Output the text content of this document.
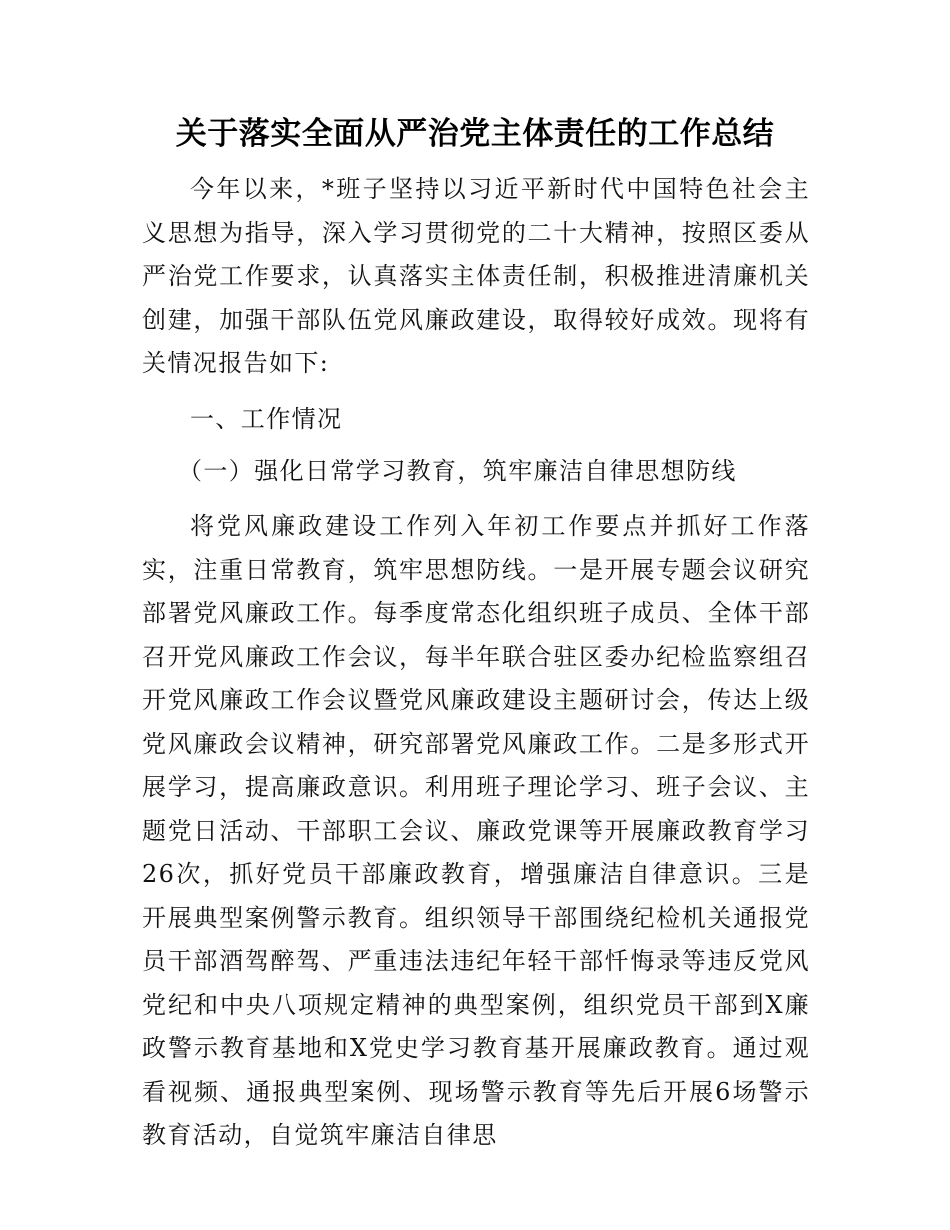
关于落实全面从严治党主体责任的工作总结

今年以来，*班子坚持以习近平新时代中国特色社会主义思想为指导，深入学习贯彻党的二十大精神，按照区委从严治党工作要求，认真落实主体责任制，积极推进清廉机关创建，加强干部队伍党风廉政建设，取得较好成效。现将有关情况报告如下:

一、工作情况

（一）强化日常学习教育，筑牢廉洁自律思想防线

将党风廉政建设工作列入年初工作要点并抓好工作落实，注重日常教育，筑牢思想防线。一是开展专题会议研究部署党风廉政工作。每季度常态化组织班子成员、全体干部召开党风廉政工作会议，每半年联合驻区委办纪检监察组召开党风廉政工作会议暨党风廉政建设主题研讨会，传达上级党风廉政会议精神，研究部署党风廉政工作。二是多形式开展学习，提高廉政意识。利用班子理论学习、班子会议、主题党日活动、干部职工会议、廉政党课等开展廉政教育学习26次，抓好党员干部廉政教育，增强廉洁自律意识。三是开展典型案例警示教育。组织领导干部围绕纪检机关通报党员干部酒驾醉驾、严重违法违纪年轻干部忏悔录等违反党风党纪和中央八项规定精神的典型案例，组织党员干部到X廉政警示教育基地和X党史学习教育基开展廉政教育。通过观看视频、通报典型案例、现场警示教育等先后开展6场警示教育活动，自觉筑牢廉洁自律思
